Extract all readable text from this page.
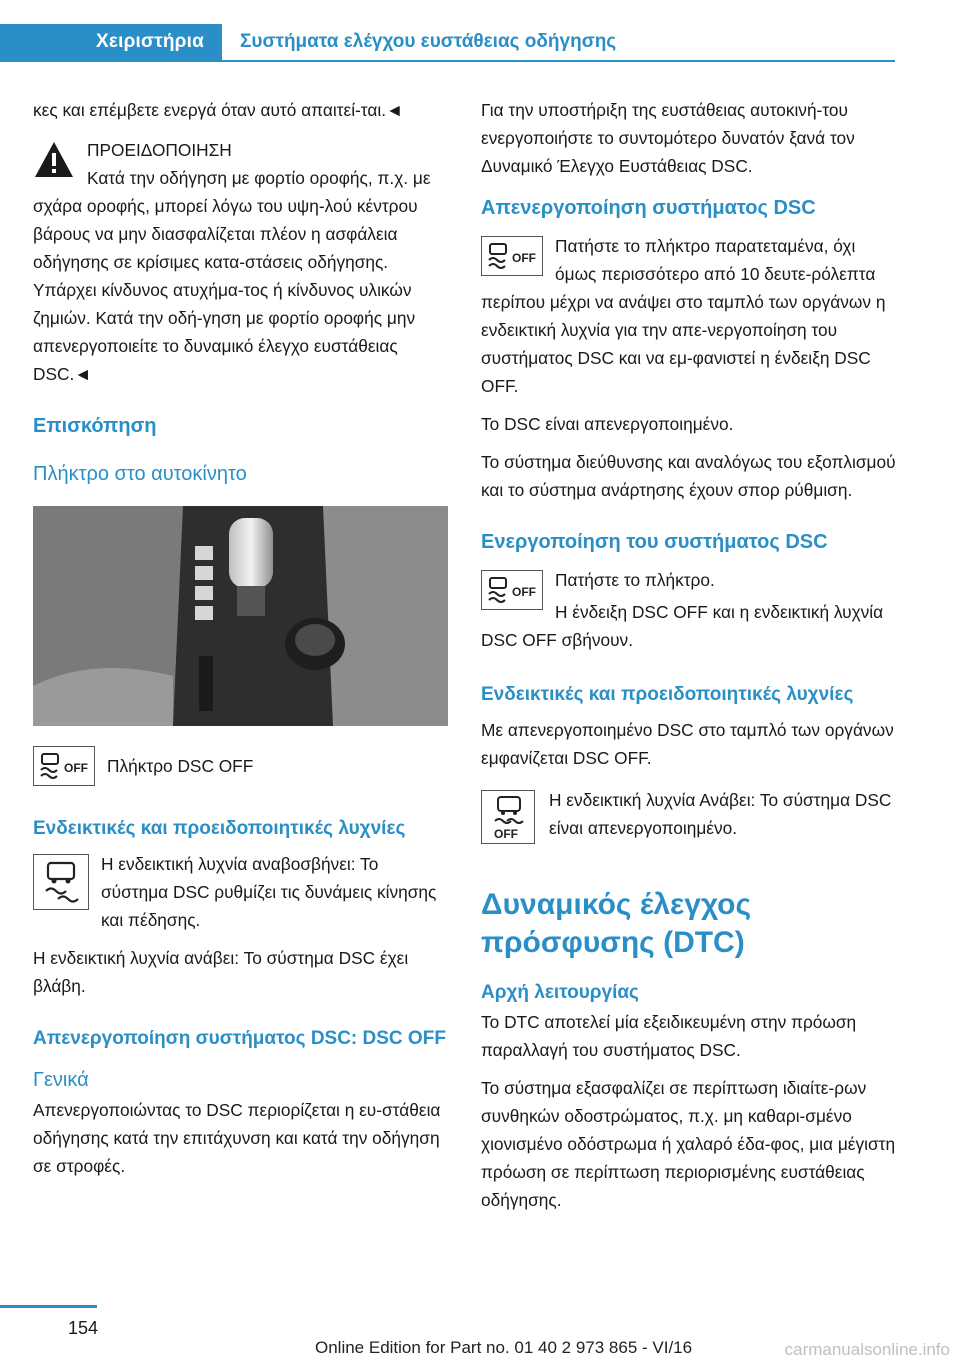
Χειριστήρια	Συστήματα ελέγχου ευστάθειας οδήγησης

κες και επέμβετε ενεργά όταν αυτό απαιτεί-ται.◄

ΠΡΟΕΙΔΟΠΟΙΗΣΗ

Κατά την οδήγηση με φορτίο οροφής, π.χ. με σχάρα οροφής, μπορεί λόγω του υψη-λού κέντρου βάρους να μην διασφαλίζεται πλέον η ασφάλεια οδήγησης σε κρίσιμες κατα-στάσεις οδήγησης. Υπάρχει κίνδυνος ατυχήμα-τος ή κίνδυνος υλικών ζημιών. Κατά την οδή-γηση με φορτίο οροφής μην απενεργοποιείτε το δυναμικό έλεγχο ευστάθειας DSC.◄

Επισκόπηση
Πλήκτρο στο αυτοκίνητο
OFF	Πλήκτρο DSC OFF

Ενδεικτικές και προειδοποιητικές λυχνίες

Η ενδεικτική λυχνία αναβοσβήνει: Το σύστημα DSC ρυθμίζει τις δυνάμεις κίνησης και πέδησης.

Η ενδεικτική λυχνία ανάβει: Το σύστημα DSC έχει βλάβη.

Απενεργοποίηση συστήματος DSC: DSC OFF
Γενικά

Απενεργοποιώντας το DSC περιορίζεται η ευ-στάθεια οδήγησης κατά την επιτάχυνση και κατά την οδήγηση σε στροφές.

Για την υποστήριξη της ευστάθειας αυτοκινή-του ενεργοποιήστε το συντομότερο δυνατόν ξανά τον Δυναμικό Έλεγχο Ευστάθειας DSC.

Απενεργοποίηση συστήματος DSC
OFF

Πατήστε το πλήκτρο παρατεταμένα, όχι όμως περισσότερο από 10 δευτε-ρόλεπτα περίπου μέχρι να ανάψει στο ταμπλό των οργάνων η ενδεικτική λυχνία για την απε-νεργοποίηση του συστήματος DSC και να εμ-φανιστεί η ένδειξη DSC OFF.

Το DSC είναι απενεργοποιημένο.

Το σύστημα διεύθυνσης και αναλόγως του εξοπλισμού και το σύστημα ανάρτησης έχουν σπορ ρύθμιση.

Ενεργοποίηση του συστήματος DSC
OFF

Πατήστε το πλήκτρο.

Η ένδειξη DSC OFF και η ενδεικτική λυχνία DSC OFF σβήνουν.

Ενδεικτικές και προειδοποιητικές λυχνίες

Με απενεργοποιημένο DSC στο ταμπλό των οργάνων εμφανίζεται DSC OFF.

OFF

Η ενδεικτική λυχνία Ανάβει: Το σύστημα DSC είναι απενεργοποιημένο.

Δυναμικός έλεγχος πρόσφυσης (DTC)
Αρχή λειτουργίας

Το DTC αποτελεί μία εξειδικευμένη στην πρόωση παραλλαγή του συστήματος DSC.

Το σύστημα εξασφαλίζει σε περίπτωση ιδιαίτε-ρων συνθηκών οδοστρώματος, π.χ. μη καθαρι-σμένο χιονισμένο οδόστρωμα ή χαλαρό έδα-φος, μια μέγιστη πρόωση σε περίπτωση περιορισμένης ευστάθειας οδήγησης.

154
Online Edition for Part no. 01 40 2 973 865 - VI/16	carmanualsonline.info
